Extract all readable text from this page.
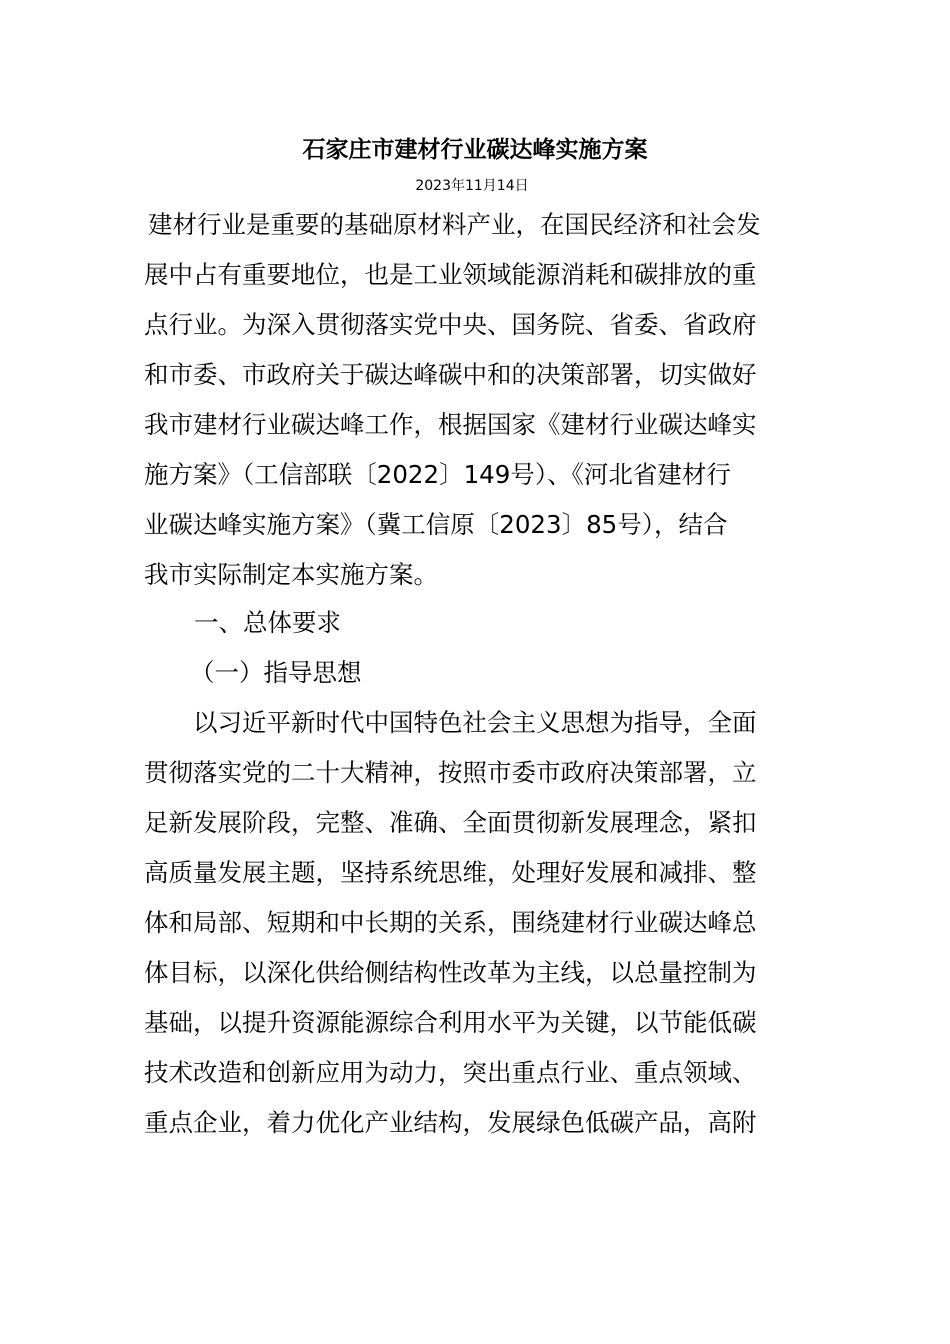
石家庄市建材行业碳达峰实施方案
2023年11月14日
建材行业是重要的基础原材料产业，在国民经济和社会发
展中占有重要地位，也是工业领域能源消耗和碳排放的重
点行业。为深入贯彻落实党中央、国务院、省委、省政府
和市委、市政府关于碳达峰碳中和的决策部署，切实做好
我市建材行业碳达峰工作，根据国家《建材行业碳达峰实
施方案》（工信部联〔2022〕149号）、《河北省建材行
业碳达峰实施方案》（冀工信原〔2023〕85号），结合
我市实际制定本实施方案。
一、总体要求
（一）指导思想
以习近平新时代中国特色社会主义思想为指导，全面
贯彻落实党的二十大精神，按照市委市政府决策部署，立
足新发展阶段，完整、准确、全面贯彻新发展理念，紧扣
高质量发展主题，坚持系统思维，处理好发展和减排、整
体和局部、短期和中长期的关系，围绕建材行业碳达峰总
体目标，以深化供给侧结构性改革为主线，以总量控制为
基础，以提升资源能源综合利用水平为关键，以节能低碳
技术改造和创新应用为动力，突出重点行业、重点领域、
重点企业，着力优化产业结构，发展绿色低碳产品，高附
